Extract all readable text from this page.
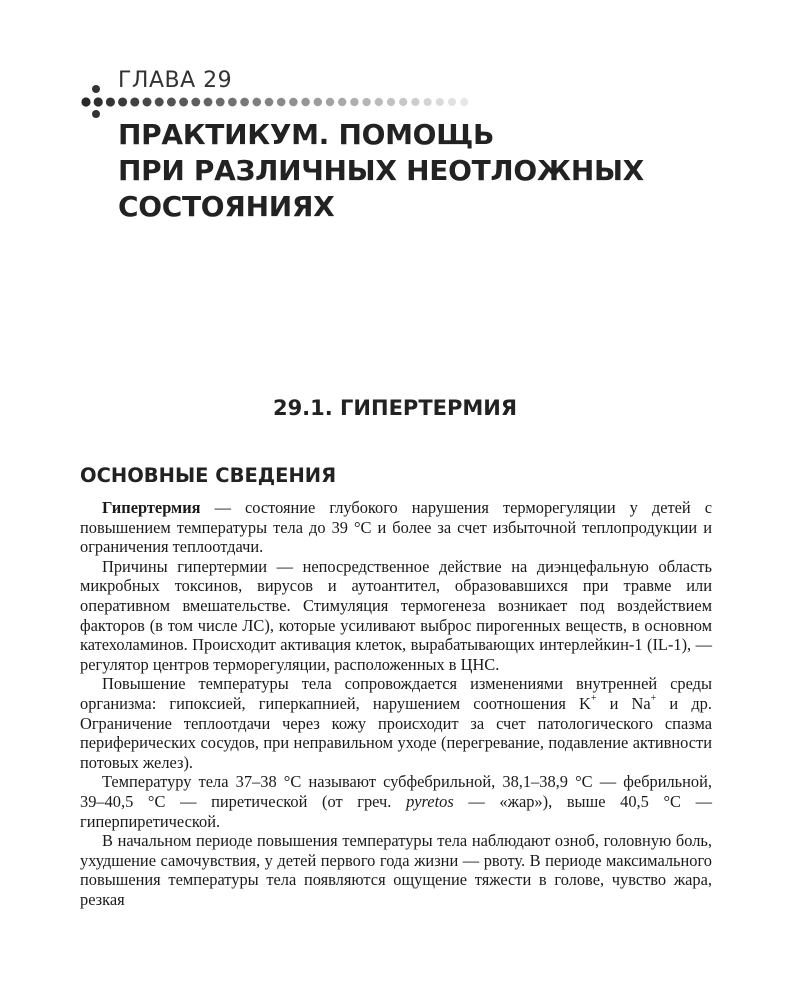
ГЛАВА 29
ПРАКТИКУМ. ПОМОЩЬ
ПРИ РАЗЛИЧНЫХ НЕОТЛОЖНЫХ
СОСТОЯНИЯХ
29.1. ГИПЕРТЕРМИЯ
ОСНОВНЫЕ СВЕДЕНИЯ

Гипертермия — состояние глубокого нарушения терморегуляции у детей с повышением температуры тела до 39 °С и более за счет избыточной теплопродукции и ограничения теплоотдачи.

Причины гипертермии — непосредственное действие на диэнцефальную область микробных токсинов, вирусов и аутоантител, образовавшихся при травме или оперативном вмешательстве. Стимуляция термогенеза возникает под воздействием факторов (в том числе ЛС), которые усиливают выброс пирогенных веществ, в основном катехоламинов. Происходит активация клеток, вырабатывающих интерлейкин-1 (IL-1), — регулятор центров терморегуляции, расположенных в ЦНС.

Повышение температуры тела сопровождается изменениями внутренней среды организма: гипоксией, гиперкапнией, нарушением соотношения K+ и Na+ и др. Ограничение теплоотдачи через кожу происходит за счет патологического спазма периферических сосудов, при неправильном уходе (перегревание, подавление активности потовых желез).

Температуру тела 37–38 °С называют субфебрильной, 38,1–38,9 °С — фебрильной, 39–40,5 °С — пиретической (от греч. pyretos — «жар»), выше 40,5 °С — гиперпиретической.

В начальном периоде повышения температуры тела наблюдают озноб, головную боль, ухудшение самочувствия, у детей первого года жизни — рвоту. В периоде максимального повышения температуры тела появляются ощущение тяжести в голове, чувство жара, резкая
